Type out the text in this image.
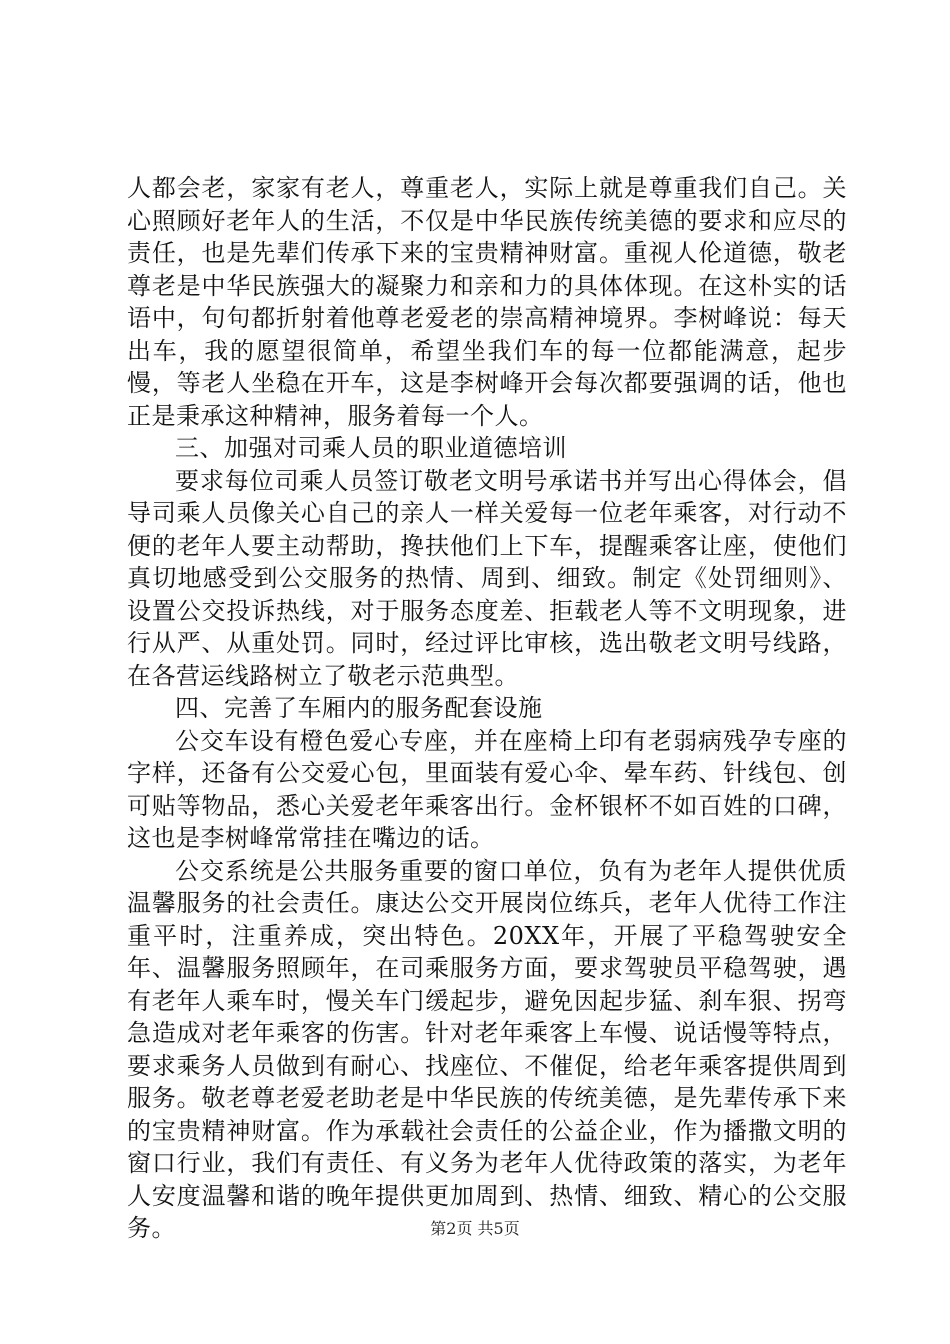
人都会老，家家有老人，尊重老人，实际上就是尊重我们自己。关心照顾好老年人的生活，不仅是中华民族传统美德的要求和应尽的责任，也是先辈们传承下来的宝贵精神财富。重视人伦道德，敬老尊老是中华民族强大的凝聚力和亲和力的具体体现。在这朴实的话语中，句句都折射着他尊老爱老的崇高精神境界。李树峰说：每天出车，我的愿望很简单，希望坐我们车的每一位都能满意，起步慢，等老人坐稳在开车，这是李树峰开会每次都要强调的话，他也正是秉承这种精神，服务着每一个人。

三、加强对司乘人员的职业道德培训

要求每位司乘人员签订敬老文明号承诺书并写出心得体会，倡导司乘人员像关心自己的亲人一样关爱每一位老年乘客，对行动不便的老年人要主动帮助，搀扶他们上下车，提醒乘客让座，使他们真切地感受到公交服务的热情、周到、细致。制定《处罚细则》、设置公交投诉热线，对于服务态度差、拒载老人等不文明现象，进行从严、从重处罚。同时，经过评比审核，选出敬老文明号线路，在各营运线路树立了敬老示范典型。

四、完善了车厢内的服务配套设施

公交车设有橙色爱心专座，并在座椅上印有老弱病残孕专座的字样，还备有公交爱心包，里面装有爱心伞、晕车药、针线包、创可贴等物品，悉心关爱老年乘客出行。金杯银杯不如百姓的口碑，这也是李树峰常常挂在嘴边的话。

公交系统是公共服务重要的窗口单位，负有为老年人提供优质温馨服务的社会责任。康达公交开展岗位练兵，老年人优待工作注重平时，注重养成，突出特色。20XX年，开展了平稳驾驶安全年、温馨服务照顾年，在司乘服务方面，要求驾驶员平稳驾驶，遇有老年人乘车时，慢关车门缓起步，避免因起步猛、刹车狠、拐弯急造成对老年乘客的伤害。针对老年乘客上车慢、说话慢等特点，要求乘务人员做到有耐心、找座位、不催促，给老年乘客提供周到服务。敬老尊老爱老助老是中华民族的传统美德，是先辈传承下来的宝贵精神财富。作为承载社会责任的公益企业，作为播撒文明的窗口行业，我们有责任、有义务为老年人优待政策的落实，为老年人安度温馨和谐的晚年提供更加周到、热情、细致、精心的公交服务。	第2页 共5页
